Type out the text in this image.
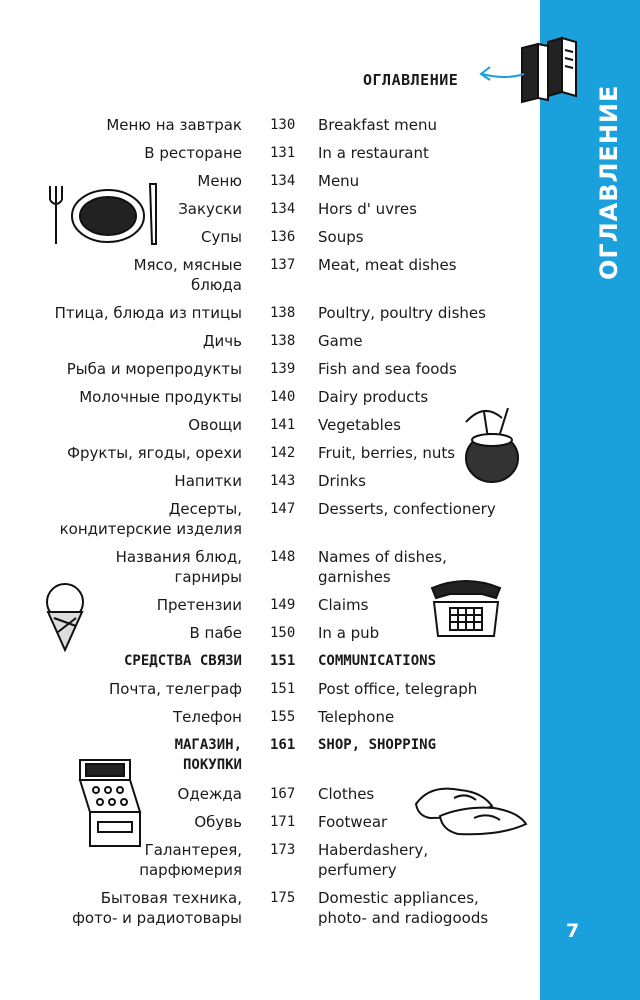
ОГЛАВЛЕНИЕ
7
ОГЛАВЛЕНИЕ
Меню на завтрак 130	Breakfast menu
В ресторане 131	In a restaurant
Меню 134	Menu
Закуски 134	Hors d' uvres
Супы 136	Soups
Мясо, мясные
блюда
137	Meat, meat dishes
Птица, блюда из птицы 138	Poultry, poultry dishes
Дичь 138	Game
Рыба и морепродукты 139	Fish and sea foods
Молочные продукты 140	Dairy products
Овощи 141	Vegetables
Фрукты, ягоды, орехи 142	Fruit, berries, nuts
Напитки 143	Drinks
Десерты,
кондитерские изделия
147	Desserts, confectionery
Названия блюд,
гарниры
148	Names of dishes,
garnishes
Претензии 149	Claims
В пабе 150	In a pub
СРЕДСТВА СВЯЗИ 151	COMMUNICATIONS
Почта, телеграф 151	Post office, telegraph
Телефон 155	Telephone
МАГАЗИН,
ПОКУПКИ
161	SHOP, SHOPPING
Одежда 167	Clothes
Обувь 171	Footwear
Галантерея,
парфюмерия
173	Haberdashery,
perfumery
Бытовая техника,
фото- и радиотовары
175	Domestic appliances,
photo- and radiogoods
